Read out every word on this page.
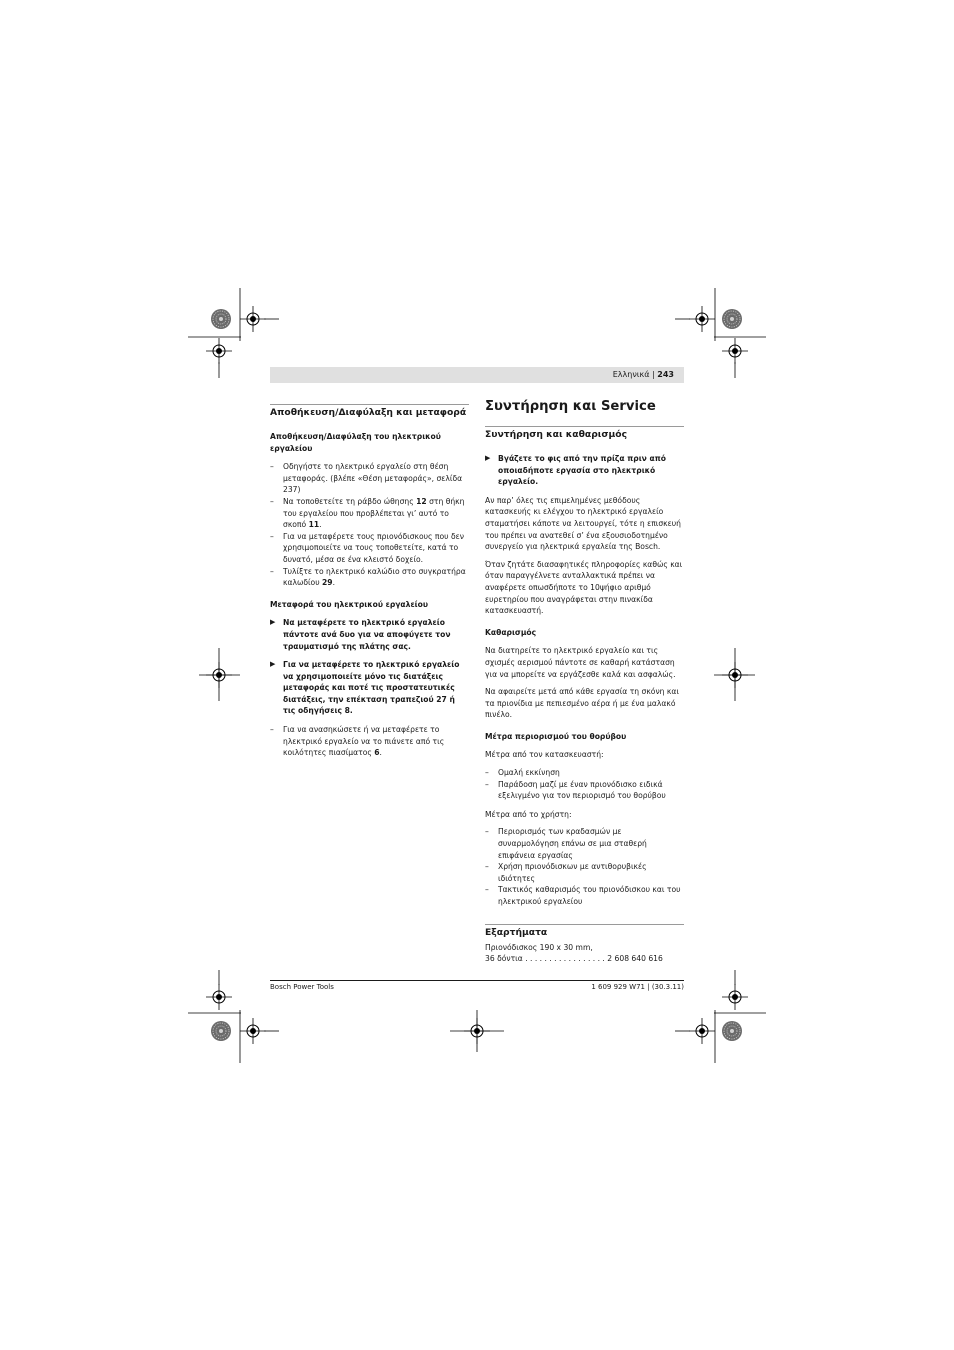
Ελληνικά | 243
Αποθήκευση/Διαφύλαξη και μεταφορά
Αποθήκευση/Διαφύλαξη του ηλεκτρικού εργαλείου

– Οδηγήστε το ηλεκτρικό εργαλείο στη θέση μεταφοράς. (βλέπε «Θέση μεταφοράς», σελίδα 237)

– Να τοποθετείτε τη ράβδο ώθησης 12 στη θήκη του εργαλείου που προβλέπεται γι’ αυτό το σκοπό 11.

– Για να μεταφέρετε τους πριονόδισκους που δεν χρησιμοποιείτε να τους τοποθετείτε, κατά το δυνατό, μέσα σε ένα κλειστό δοχείο.

– Τυλίξτε το ηλεκτρικό καλώδιο στο συγκρατήρα καλωδίου 29.

Μεταφορά του ηλεκτρικού εργαλείου
▶ Να μεταφέρετε το ηλεκτρικό εργαλείο πάντοτε ανά δυο για να αποφύγετε τον τραυματισμό της πλάτης σας.
▶ Για να μεταφέρετε το ηλεκτρικό εργαλείο να χρησιμοποιείτε μόνο τις διατάξεις μεταφοράς και ποτέ τις προστατευτικές διατάξεις, την επέκταση τραπεζιού 27 ή τις οδηγήσεις 8.

– Για να ανασηκώσετε ή να μεταφέρετε το ηλεκτρικό εργαλείο να το πιάνετε από τις κοιλότητες πιασίματος 6.

Συντήρηση και Service
Συντήρηση και καθαρισμός
▶ Βγάζετε το φις από την πρίζα πριν από οποιαδήποτε εργασία στο ηλεκτρικό εργαλείο.

Αν παρ’ όλες τις επιμελημένες μεθόδους κατασκευής κι ελέγχου το ηλεκτρικό εργαλείο σταματήσει κάποτε να λειτουργεί, τότε η επισκευή του πρέπει να ανατεθεί σ’ ένα εξουσιοδοτημένο συνεργείο για ηλεκτρικά εργαλεία της Bosch.

Όταν ζητάτε διασαφητικές πληροφορίες καθώς και όταν παραγγέλνετε ανταλλακτικά πρέπει να αναφέρετε οπωσδήποτε το 10ψήφιο αριθμό ευρετηρίου που αναγράφεται στην πινακίδα κατασκευαστή.

Καθαρισμός

Να διατηρείτε το ηλεκτρικό εργαλείο και τις σχισμές αερισμού πάντοτε σε καθαρή κατάσταση για να μπορείτε να εργάζεσθε καλά και ασφαλώς.

Να αφαιρείτε μετά από κάθε εργασία τη σκόνη και τα πριονίδια με πεπιεσμένο αέρα ή με ένα μαλακό πινέλο.

Μέτρα περιορισμού του θορύβου

Μέτρα από τον κατασκευαστή:

– Ομαλή εκκίνηση

– Παράδοση μαζί με έναν πριονόδισκο ειδικά εξελιγμένο για τον περιορισμό του θορύβου

Μέτρα από το χρήστη:

– Περιορισμός των κραδασμών με συναρμολόγηση επάνω σε μια σταθερή επιφάνεια εργασίας

– Χρήση πριονόδισκων με αντιθορυβικές ιδιότητες

– Τακτικός καθαρισμός του πριονόδισκου και του ηλεκτρικού εργαλείου

Εξαρτήματα
Πριονόδισκος 190 x 30 mm,
36 δόντια . . . . . . . . . . . . . . . . . 2 608 640 616
Bosch Power Tools	1 609 929 W71 | (30.3.11)
